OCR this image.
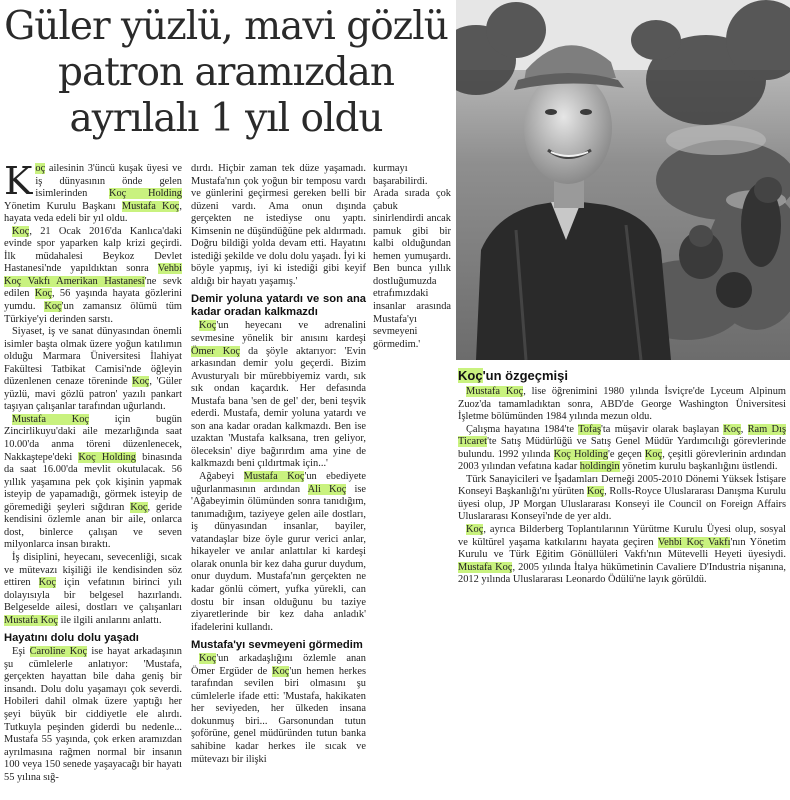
Güler yüzlü, mavi gözlü patron aramızdan ayrılalı 1 yıl oldu

Koç ailesinin 3'üncü kuşak üyesi ve iş dünyasının önde gelen isimlerinden Koç Holding Yönetim Kurulu Başkanı Mustafa Koç, hayata veda edeli bir yıl oldu.

Koç, 21 Ocak 2016'da Kanlıca'daki evinde spor yaparken kalp krizi geçirdi. İlk müdahalesi Beykoz Devlet Hastanesi'nde yapıldıktan sonra Vehbi Koç Vakfı Amerikan Hastanesi'ne sevk edilen Koç, 56 yaşında hayata gözlerini yumdu. Koç'un zamansız ölümü tüm Türkiye'yi derinden sarstı.

Siyaset, iş ve sanat dünyasından önemli isimler başta olmak üzere yoğun katılımın olduğu Marmara Üniversitesi İlahiyat Fakültesi Tatbikat Camisi'nde öğleyin düzenlenen cenaze töreninde Koç, 'Güler yüzlü, mavi gözlü patron' yazılı pankart taşıyan çalışanlar tarafından uğurlandı.

Mustafa Koç için bugün Zincirlikuyu'daki aile mezarlığında saat 10.00'da anma töreni düzenlenecek, Nakkaştepe'deki Koç Holding binasında da saat 16.00'da mevlit okutulacak. 56 yıllık yaşamına pek çok kişinin yapmak isteyip de yapamadığı, görmek isteyip de göremediği şeyleri sığdıran Koç, geride kendisini özlemle anan bir aile, onlarca dost, binlerce çalışan ve seven milyonlarca insan bıraktı.

İş disiplini, heyecanı, sevecenliği, sıcak ve mütevazı kişiliği ile kendisinden söz ettiren Koç için vefatının birinci yılı dolayısıyla bir belgesel hazırlandı. Belgeselde ailesi, dostları ve çalışanları Mustafa Koç ile ilgili anılarını anlattı.

Hayatını dolu dolu yaşadı

Eşi Caroline Koç ise hayat arkadaşının şu cümlelerle anlatıyor: 'Mustafa, gerçekten hayattan bile daha geniş bir insandı. Dolu dolu yaşamayı çok severdi. Hobileri dahil olmak üzere yaptığı her şeyi büyük bir ciddiyetle ele alırdı. Tutkuyla peşinden giderdi bu nedenle... Mustafa 55 yaşında, çok erken aramızdan ayrılmasına rağmen normal bir insanın 100 veya 150 senede yaşayacağı bir hayatı 55 yılına sığ-

dırdı. Hiçbir zaman tek düze yaşamadı. Mustafa'nın çok yoğun bir temposu vardı ve günlerini geçirmesi gereken belli bir düzeni vardı. Ama onun dışında gerçekten ne istediyse onu yaptı. Kimsenin ne düşündüğüne pek aldırmadı. Doğru bildiği yolda devam etti. Hayatını istediği şekilde ve dolu dolu yaşadı. İyi ki böyle yapmış, iyi ki istediği gibi keyif aldığı bir hayatı yaşamış.'

Demir yoluna yatardı ve son ana kadar oradan kalkmazdı

Koç'un heyecanı ve adrenalini sevmesine yönelik bir anısını kardeşi Ömer Koç da şöyle aktarıyor: 'Evin arkasından demir yolu geçerdi. Bizim Avusturyalı bir mürebbiyemiz vardı, sık sık ondan kaçardık. Her defasında Mustafa bana 'sen de gel' der, beni teşvik ederdi. Mustafa, demir yoluna yatardı ve son ana kadar oradan kalkmazdı. Ben ise uzaktan 'Mustafa kalksana, tren geliyor, öleceksin' diye bağırırdım ama yine de kalkmazdı beni çıldırtmak için...'

Ağabeyi Mustafa Koç'un ebediyete uğurlanmasının ardından Ali Koç ise 'Ağabeyimin ölümünden sonra tanıdığım, tanımadığım, taziyeye gelen aile dostları, iş dünyasından insanlar, bayiler, vatandaşlar bize öyle gurur verici anlar, hikayeler ve anılar anlattılar ki kardeşi olarak onunla bir kez daha gurur duydum, onur duydum. Mustafa'nın gerçekten ne kadar gönlü cömert, yufka yürekli, can dostu bir insan olduğunu bu taziye ziyaretlerinde bir kez daha anladık' ifadelerini kullandı.

Mustafa'yı sevmeyeni görmedim

Koç'un arkadaşlığını özlemle anan Ömer Ergüder de Koç'un hemen herkes tarafından sevilen biri olmasını şu cümlelerle ifade etti: 'Mustafa, hakikaten her seviyeden, her ülkeden insana dokunmuş biri... Garsonundan tutun şoförüne, genel müdüründen tutun banka sahibine kadar herkes ile sıcak ve mütevazı bir ilişki

kurmayı başarabilirdi. Arada sırada çok çabuk sinirlendirdi ancak pamuk gibi bir kalbi olduğundan hemen yumuşardı. Ben bunca yıllık dostluğumuzda etrafımızdaki insanlar arasında Mustafa'yı sevmeyeni görmedim.'

Koç'un özgeçmişi

Mustafa Koç, lise öğrenimini 1980 yılında İsviçre'de Lyceum Alpinum Zuoz'da tamamladıktan sonra, ABD'de George Washington Üniversitesi İşletme bölümünden 1984 yılında mezun oldu.

Çalışma hayatına 1984'te Tofaş'ta müşavir olarak başlayan Koç, Ram Dış Ticaret'te Satış Müdürlüğü ve Satış Genel Müdür Yardımcılığı görevlerinde bulundu. 1992 yılında Koç Holding'e geçen Koç, çeşitli görevlerinin ardından 2003 yılından vefatına kadar holdingin yönetim kurulu başkanlığını üstlendi.

Türk Sanayicileri ve İşadamları Derneği 2005-2010 Dönemi Yüksek İstişare Konseyi Başkanlığı'nı yürüten Koç, Rolls-Royce Uluslararası Danışma Kurulu üyesi olup, JP Morgan Uluslararası Konseyi ile Council on Foreign Affairs Uluslararası Konseyi'nde de yer aldı.

Koç, ayrıca Bilderberg Toplantılarının Yürütme Kurulu Üyesi olup, sosyal ve kültürel yaşama katkılarını hayata geçiren Vehbi Koç Vakfı'nın Yönetim Kurulu ve Türk Eğitim Gönüllüleri Vakfı'nın Mütevelli Heyeti üyesiydi. Mustafa Koç, 2005 yılında İtalya hükümetinin Cavaliere D'Industria nişanına, 2012 yılında Uluslararası Leonardo Ödülü'ne layık görüldü.
